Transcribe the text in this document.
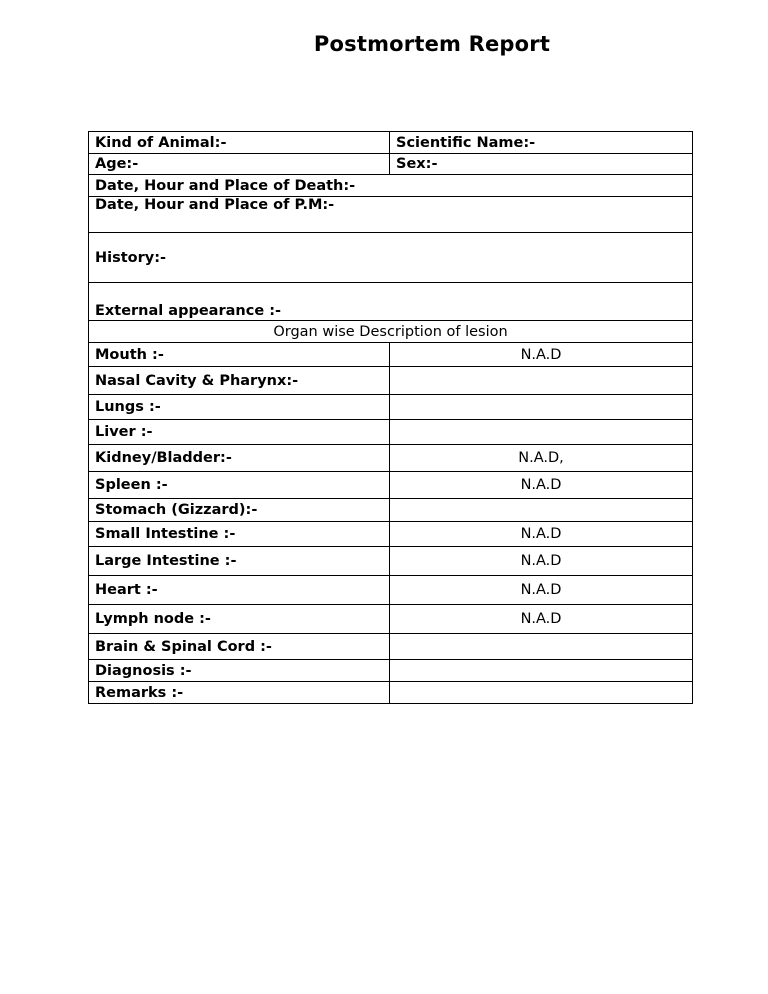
Postmortem Report
Kind of Animal:-	Scientific Name:-
Age:-	Sex:-
Date, Hour and Place of Death:-	
Date, Hour and Place of P.M:-	
History:-	
External appearance :-	
Organ wise Description of lesion	
Mouth :-	N.A.D
Nasal Cavity & Pharynx:-	
Lungs :-	
Liver :-	
Kidney/Bladder:-	N.A.D,
Spleen :-	N.A.D
Stomach (Gizzard):-	
Small Intestine :-	N.A.D
Large Intestine :-	N.A.D
Heart :-	N.A.D
Lymph node :-	N.A.D
Brain & Spinal Cord :-	
Diagnosis :-	
Remarks :-	
